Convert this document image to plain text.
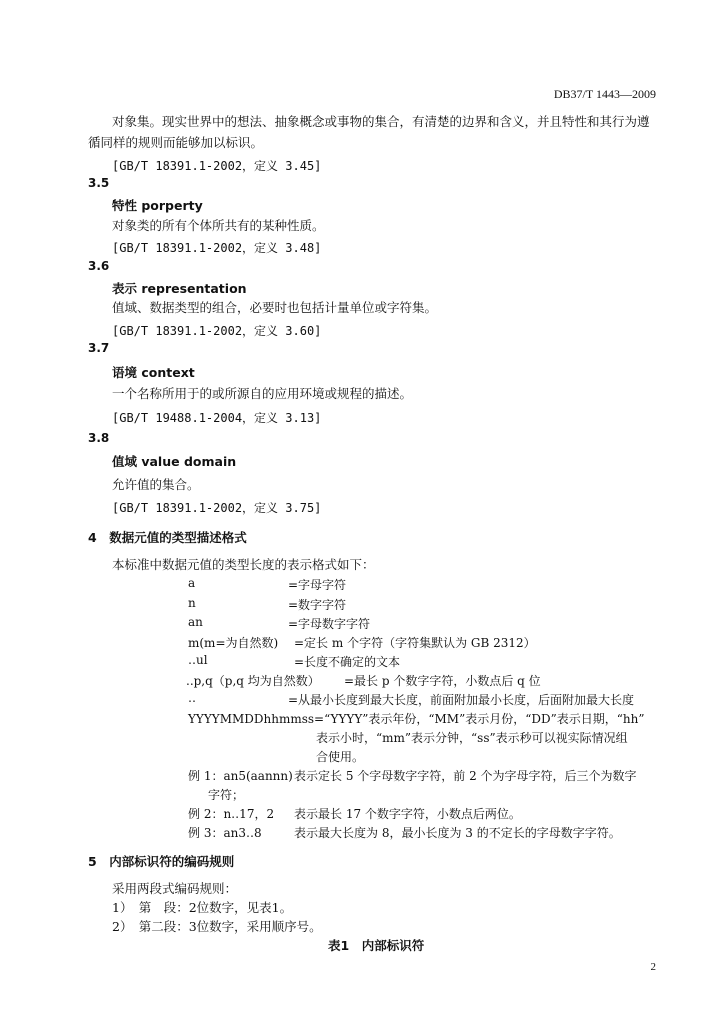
DB37/T 1443—2009
对象集。现实世界中的想法、抽象概念或事物的集合，有清楚的边界和含义，并且特性和其行为遵
循同样的规则而能够加以标识。
[GB/T 18391.1-2002，定义 3.45]
3.5
特性 porperty
对象类的所有个体所共有的某种性质。
[GB/T 18391.1-2002，定义 3.48]
3.6
表示 representation
值域、数据类型的组合，必要时也包括计量单位或字符集。
[GB/T 18391.1-2002，定义 3.60]
3.7
语境 context
一个名称所用于的或所源自的应用环境或规程的描述。
[GB/T 19488.1-2004，定义 3.13]
3.8
值域 value domain
允许值的集合。
[GB/T 18391.1-2002，定义 3.75]
4　数据元值的类型描述格式
本标准中数据元值的类型长度的表示格式如下：
a	=字母字符
n	=数字字符
an	=字母数字字符
m(m=为自然数) =定长 m 个字符（字符集默认为 GB 2312）
‥ul	=长度不确定的文本
..p,q（p,q 均为自然数） =最长 p 个数字字符，小数点后 q 位
‥	=从最小长度到最大长度，前面附加最小长度，后面附加最大长度
YYYYMMDDhhmmss=“YYYY”表示年份，“MM”表示月份，“DD”表示日期，“hh”
表示小时，“mm”表示分钟，“ss”表示秒可以视实际情况组
合使用。
例 1：an5(aannn) 表示定长 5 个字母数字字符，前 2 个为字母字符，后三个为数字
字符；
例 2：n‥17，2 表示最长 17 个数字字符，小数点后两位。
例 3：an3‥8	表示最大长度为 8，最小长度为 3 的不定长的字母数字字符。
5　内部标识符的编码规则
采用两段式编码规则：
1）　第　段：2位数字，见表1。
2）　第二段：3位数字，采用顺序号。
表1　内部标识符
2
